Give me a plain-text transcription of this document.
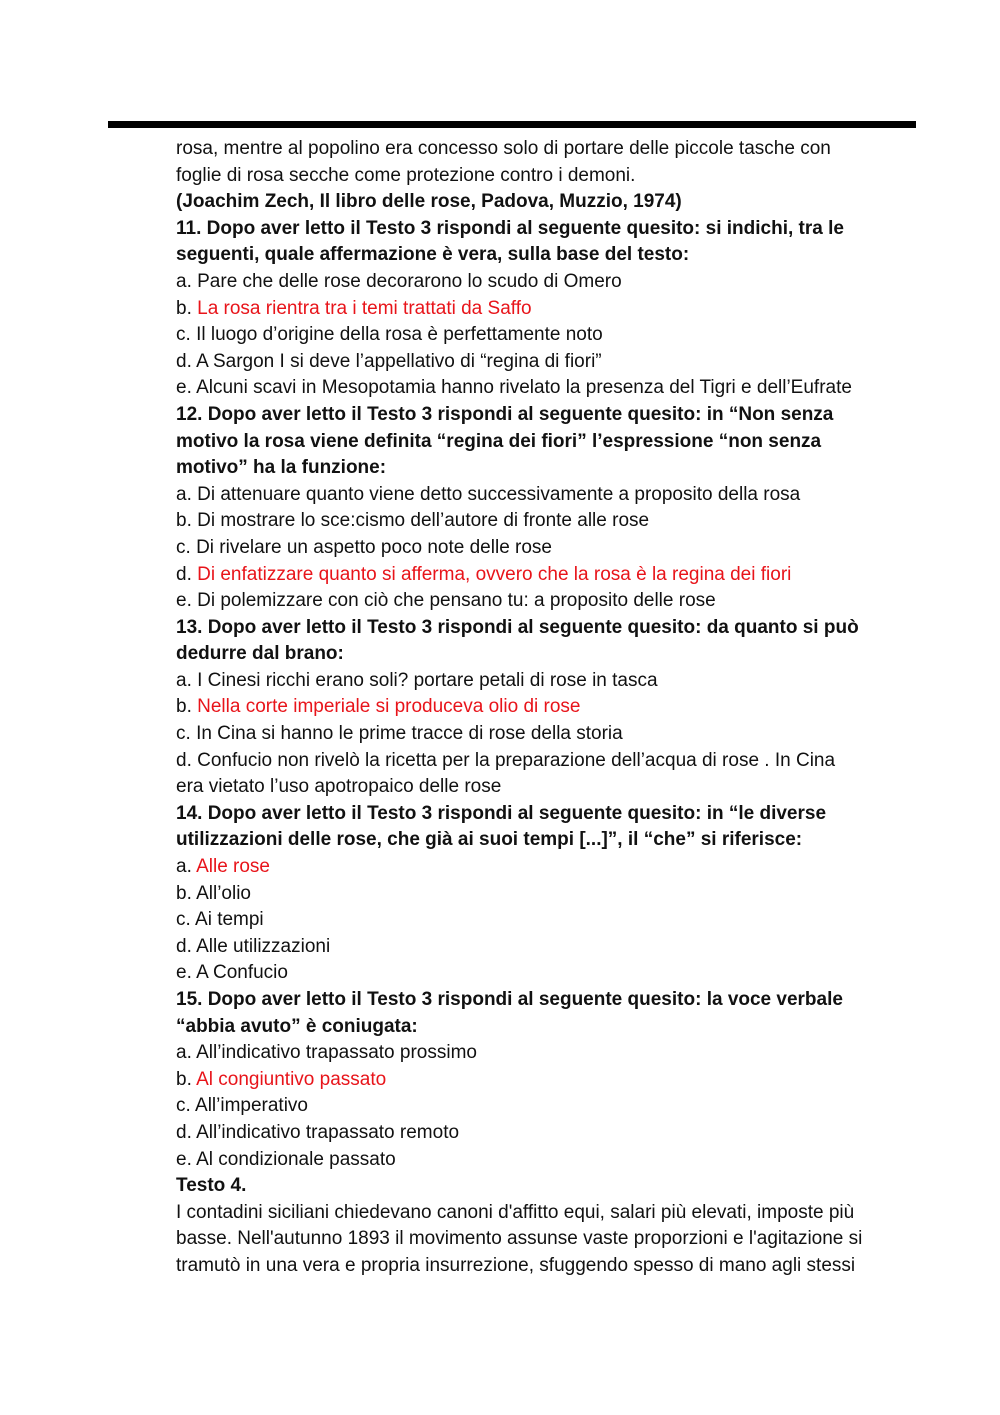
rosa, mentre al popolino era concesso solo di portare delle piccole tasche con
foglie di rosa secche come protezione contro i demoni.
(Joachim Zech, Il libro delle rose, Padova, Muzzio, 1974)
11. Dopo aver letto il Testo 3 rispondi al seguente quesito: si indichi, tra le
seguenti, quale affermazione è vera, sulla base del testo:
a. Pare che delle rose decorarono lo scudo di Omero
b. La rosa rientra tra i temi trattati da Saffo
c. Il luogo d’origine della rosa è perfettamente noto
d. A Sargon I si deve l’appellativo di “regina di fiori”
e. Alcuni scavi in Mesopotamia hanno rivelato la presenza del Tigri e dell’Eufrate
12. Dopo aver letto il Testo 3 rispondi al seguente quesito: in “Non senza
motivo la rosa viene definita “regina dei fiori” l’espressione “non senza
motivo” ha la funzione:
a. Di attenuare quanto viene detto successivamente a proposito della rosa
b. Di mostrare lo sce:cismo dell’autore di fronte alle rose
c. Di rivelare un aspetto poco note delle rose
d. Di enfatizzare quanto si afferma, ovvero che la rosa è la regina dei fiori
e. Di polemizzare con ciò che pensano tu: a proposito delle rose
13. Dopo aver letto il Testo 3 rispondi al seguente quesito: da quanto si può
dedurre dal brano:
a. I Cinesi ricchi erano soli? portare petali di rose in tasca
b. Nella corte imperiale si produceva olio di rose
c. In Cina si hanno le prime tracce di rose della storia
d. Confucio non rivelò la ricetta per la preparazione dell’acqua di rose . In Cina
era vietato l’uso apotropaico delle rose
14. Dopo aver letto il Testo 3 rispondi al seguente quesito: in “le diverse
utilizzazioni delle rose, che già ai suoi tempi [...]”, il “che” si riferisce:
a. Alle rose
b. All’olio
c. Ai tempi
d. Alle utilizzazioni
e. A Confucio
15. Dopo aver letto il Testo 3 rispondi al seguente quesito: la voce verbale
“abbia avuto” è coniugata:
a. All’indicativo trapassato prossimo
b. Al congiuntivo passato
c. All’imperativo
d. All’indicativo trapassato remoto
e. Al condizionale passato
Testo 4.
I contadini siciliani chiedevano canoni d'affitto equi, salari più elevati, imposte più
basse. Nell'autunno 1893 il movimento assunse vaste proporzioni e l'agitazione si
tramutò in una vera e propria insurrezione, sfuggendo spesso di mano agli stessi
